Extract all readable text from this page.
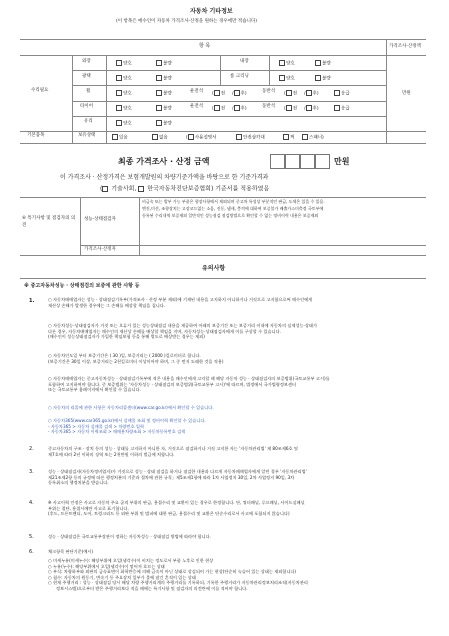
자동차 기타정보
(이 항목은 매수인이 자동차 가격조사·산정을 원하는 경우에만 적습니다)
항 목	가격조사·산정액
수리필요
기본품목
만원
외장	양호	불량	내장	양호	불량
광택	양호	불량	룸 크리닝	양호	불량
휠	양호	불량	운전석 ( 전 / 후)	동반석 ( 전 / 후)	응급
타이어	양호	불량	운전석 ( 전 / 후)	동반석 ( 전 / 후)	응급
유리	양호	불량
보유상태	있음	없음	( 사용설명서	안전삼각대	잭	스패너)
최종 가격조사 · 산정 금액	만원
이 가격조사 · 산정가격은 보험개발원의 차량기준가액을 바탕으로 한 기준가격과
( 기술사회, 한국자동차진단보증협회) 기준서를 적용하였음
⑥ 특기사항 및 점검자의 의견
성능·상태점검자
비금속 또는 발부 가능 부품은 향장사항에서 제외되며 중고차 특성상 부분적인 판금, 도색은 있을 수 있음.
엔진,미션, 조향장치는 고장코드없는 소음, 진동, 냄새, 충격에 대하여 보증불가 배출가스미측정 국토부에
등록된 수리내역 보증제외 일반적인 성능점검 점검방법으로 확인할 수 없는 정비이력 내용은 보증제외
가격조사·산정자
유의사항
※ 중고자동차성능 · 상태점검의 보증에 관한 사항 등
1.	○ 자동차매매업자는 성능 · 상태점검기록부(가격조사 · 산정 부분 제외)에 기재된 내용을 고지하지 아니하거나 거짓으로 고지함으로써 매수인에게
재산상 손해가 발생한 경우에는 그 손해를 배상할 책임을 집니다.
○ 자동차성능·상태점검자가 거짓 또는 오류가 있는 성능상태점검 내용을 제공하여 아래의 보증기간 또는 보증거리 이내에 자동차의 실제성능·상태가
다른 경우, 자동차매매업자는 매수인의 재산상 손해를 배상할 책임을 지며, 자동차성능·상태점검자에게 이를 구상할 수 있습니다.
(매수인이 성능상태점검자가 가입한 책임보험 등을 통해 별도로 배상받는 경우는 제외)
○ 자동차인도일 부터 보증기간은 ( 30 )일, 보증거리는 ( 2000 )킬로미터로 합니다.
(보증기간은 30일 이상, 보증거리는 2천킬로미터 이상이어야 하며, 그 중 먼저 도래한 것을 적용)
○ 자동차매매업자는 중고자동차성능 · 상태점검기록부에 적은 내용을 매수인에게 고지할 때 해당 자동차 성능 · 상태점검자의 보증범위(국토교통부 고시)를
포함하여 고지하여야 합니다. 중 보증범위는 '자동차성능 · 상태점검의 보증범위(국토교통부 고시)'에 따르며, 법정에서 국가법령정보센터
또는 국토교통부 홈페이지에서 확인할 수 있습니다.
○ 자동차의 리콜에 관한 사항은 자동차리콜센터(www.car.go.kr)에서 확인할 수 있습니다.
○ 자동차365(www.car365.go.kr)에서 실매물 조회 및 정비이력 확인할 수 있습니다.
- 자동차365 > 자동차 실매물 검색 > 차량번호 입력
- 자동차365 > 자동차 이력조회 > 매매용차량조회 > 자동차등록번호 검색
2.	중고자동차의 구조 · 장치 등의 성능 · 상태를 고지하지 아니한 자, 거짓으로 점검하거나 거짓 고지한 자는 '자동차관리법' 제 80조제6호 및
제7호에 따라 2년 이하의 징역 또는 2천만원 이하의 벌금에 처합니다.
3.	성능 · 상태점검자(자동차정비업자)가 거짓으로 성능 · 상태 점검을 하거나 점검한 내용과 다르게 자동차매매업자에게 알린 경우 '자동차관리법'
제21조제2항 등의 규정에 따른 행정처분의 기준과 절차에 관한 규칙」제5조제1항에 따라 1차 사업정지 30일, 2차 사업정지 90일, 3차
등록취소의 행정처분을 받습니다.
4.	※ 사고이력 인정은 사고로 자동차 주요 골격 부위의 판금, 용접수리 및 교환이 있는 경우로 한정합니다. 단, 쿼터패널, 루프패널, 사이드실패널
부위는 절단, 용접시에만 사고로 표기합니다.
(후드, 프론트펜더, 도어, 트렁크리드 등 외판 부위 및 범퍼에 대한 판금, 용접수리 및 교환은 단순수리로서 사고에 포함되지 않습니다)
5.	성능 · 상태점검은 국토교통부장관이 정하는 자동차성능 · 상태점검 방법에 따라야 합니다.
6.	체크항목 판단기준(예시)
○ 미세누유(미세누수): 해당부위에 오일(냉각수)이 비치는 정도로서 부품 노후로 인한 현상
○ 누유(누수): 해당부위에서 오일(냉각수)이 떨어져 흐르는 상태
○ 부식: 차량하부와 외판의 금속표면이 화학반응에 의해 금속이 아닌 상태로 상실되어 가는 현상(단순히 녹슬어 있는 상태는 제외합니다)
○ 침수: 자동차의 원동기, 변속기 등 주요장치 일부가 물에 잠긴 흔적이 있는 상태
○ 현재 주행거리 : 성능 · 상태점검 당시 해당 차량 주행거리계의 주행거리를 기록하되, 기록한 주행거리가 자동차관리정보처리조직(자동차관리
정보시스템)으로부터 받은 주행거리보다 적을 때에는 특기사항 및 점검자의 의견란에 이를 적어야 합니다.
